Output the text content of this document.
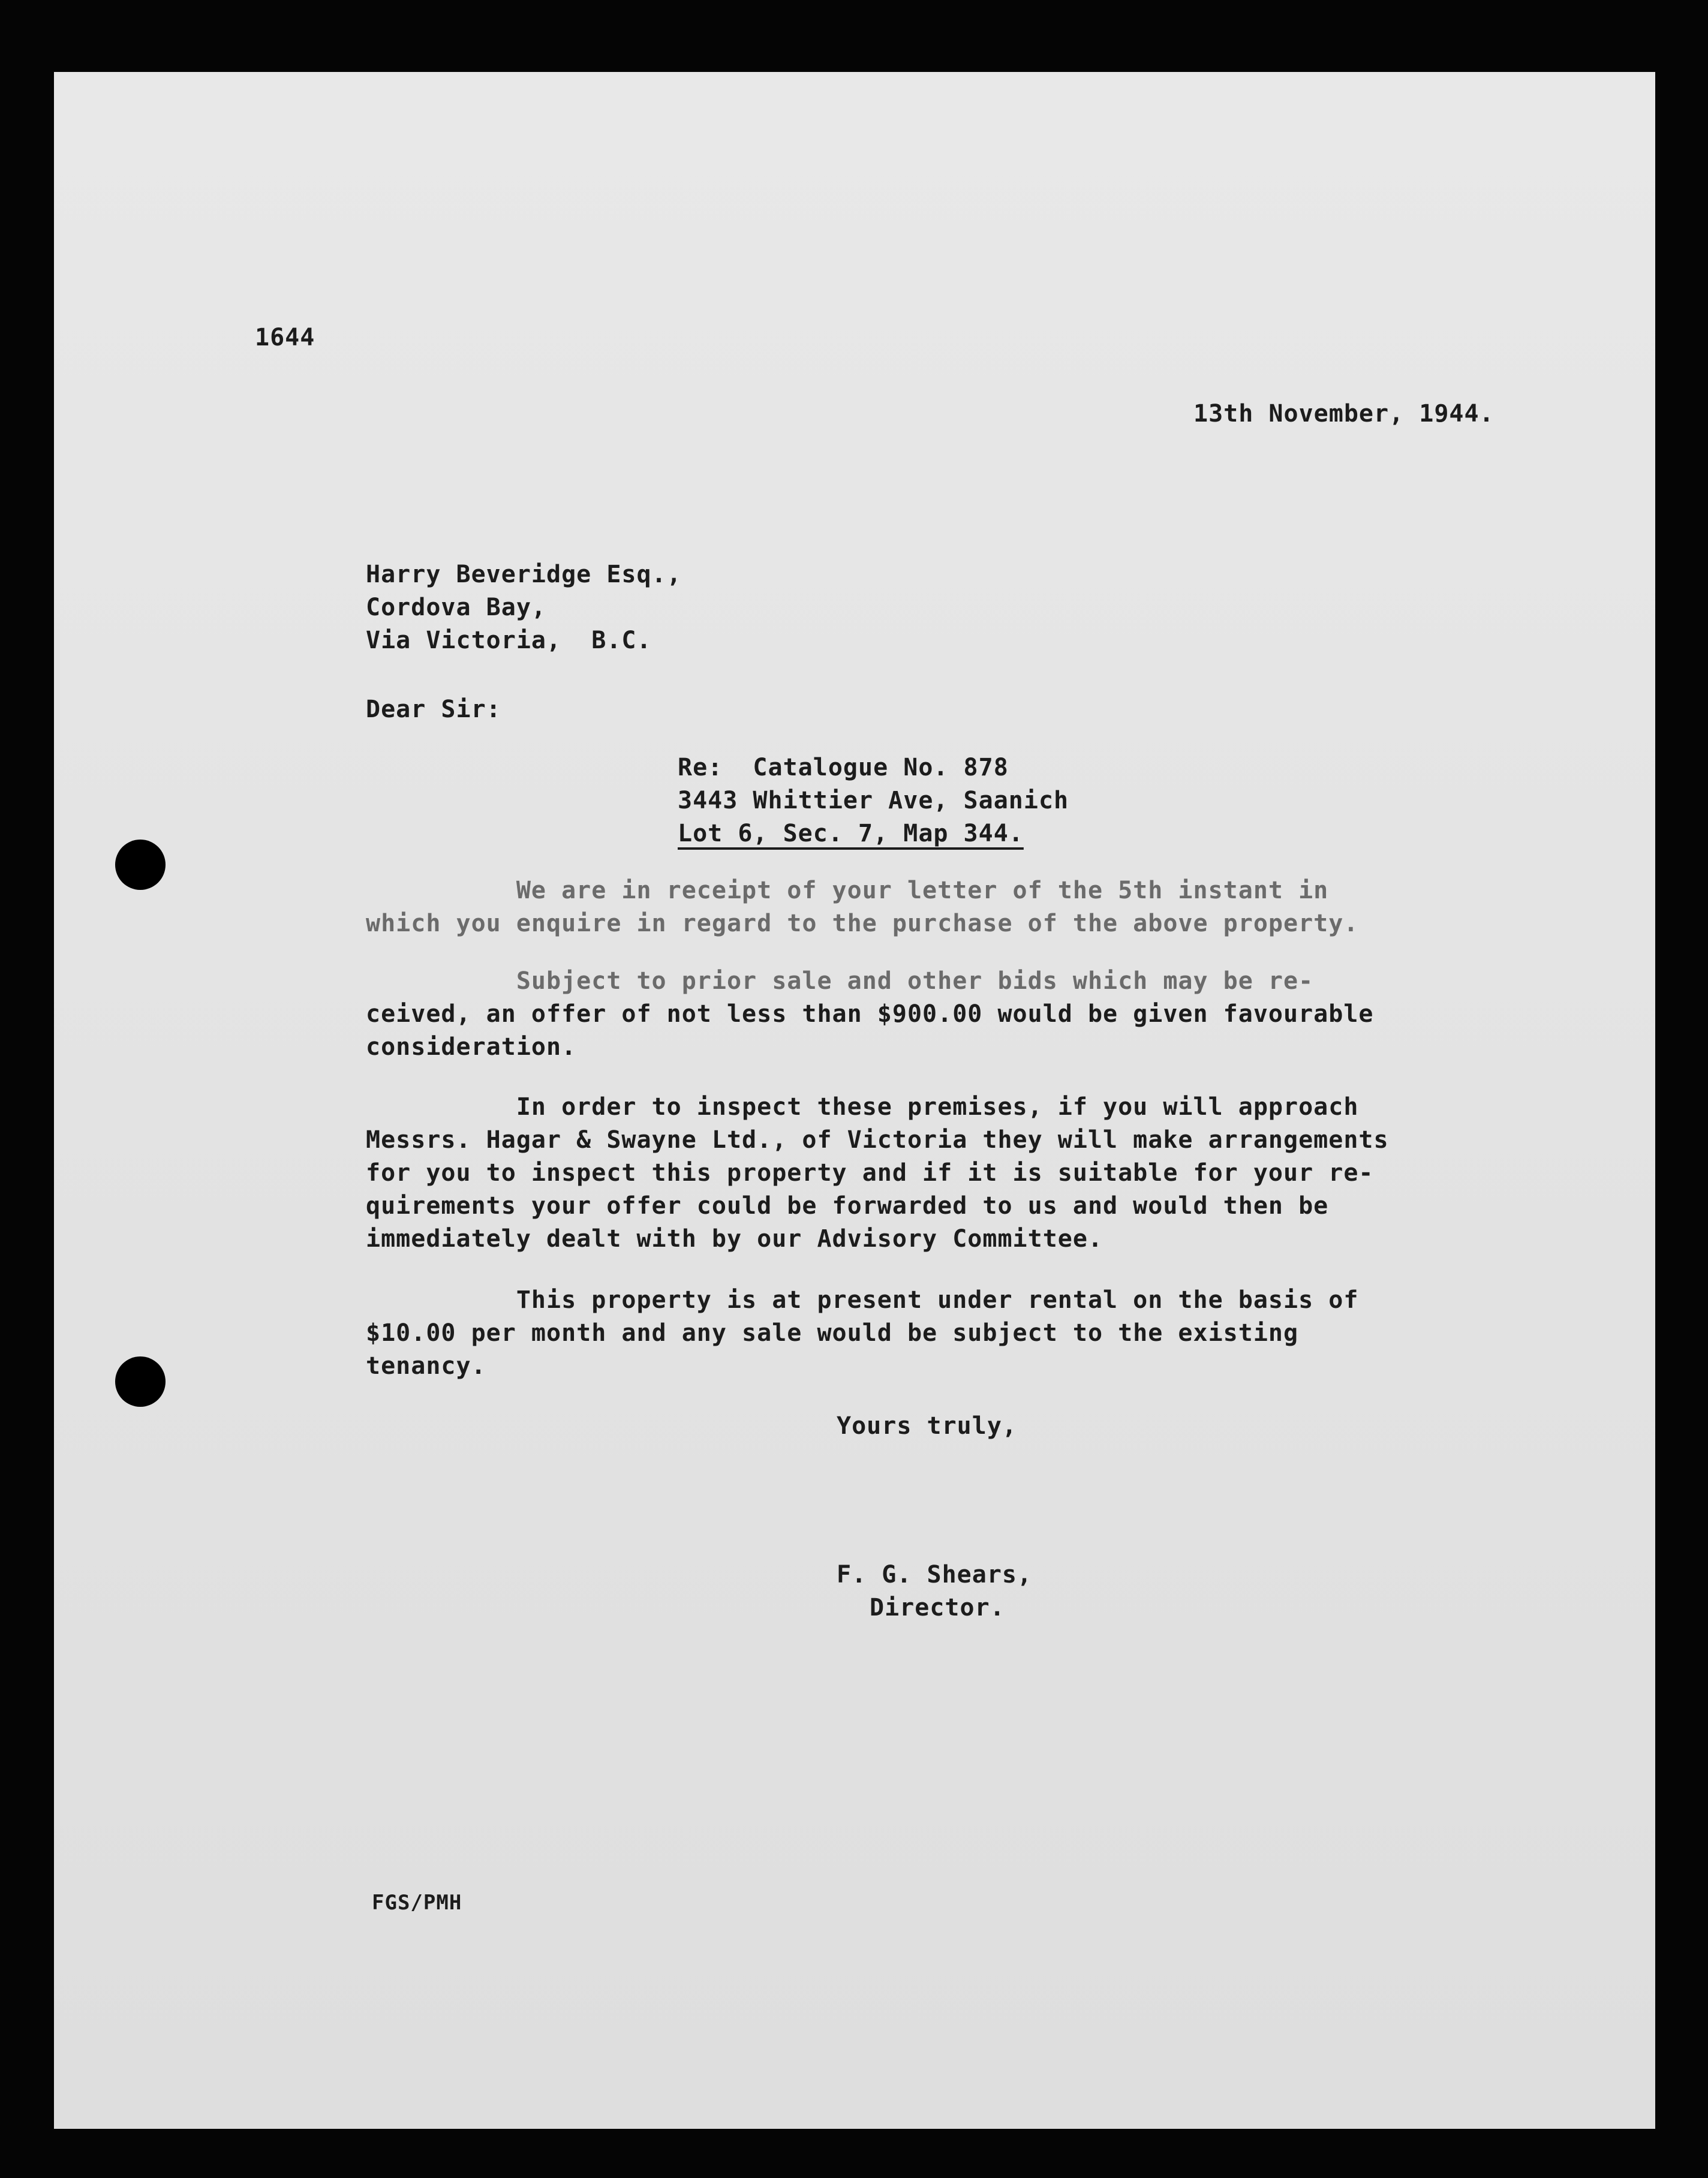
1644
13th November, 1944.
Harry Beveridge Esq.,
Cordova Bay,
Via Victoria,  B.C.
Dear Sir:
Re:  Catalogue No. 878
3443 Whittier Ave, Saanich
Lot 6, Sec. 7, Map 344.
We are in receipt of your letter of the 5th instant in
which you enquire in regard to the purchase of the above property.
Subject to prior sale and other bids which may be re-
ceived, an offer of not less than $900.00 would be given favourable
consideration.
In order to inspect these premises, if you will approach
Messrs. Hagar & Swayne Ltd., of Victoria they will make arrangements
for you to inspect this property and if it is suitable for your re-
quirements your offer could be forwarded to us and would then be
immediately dealt with by our Advisory Committee.
This property is at present under rental on the basis of
$10.00 per month and any sale would be subject to the existing
tenancy.
Yours truly,
F. G. Shears,
Director.
FGS/PMH
